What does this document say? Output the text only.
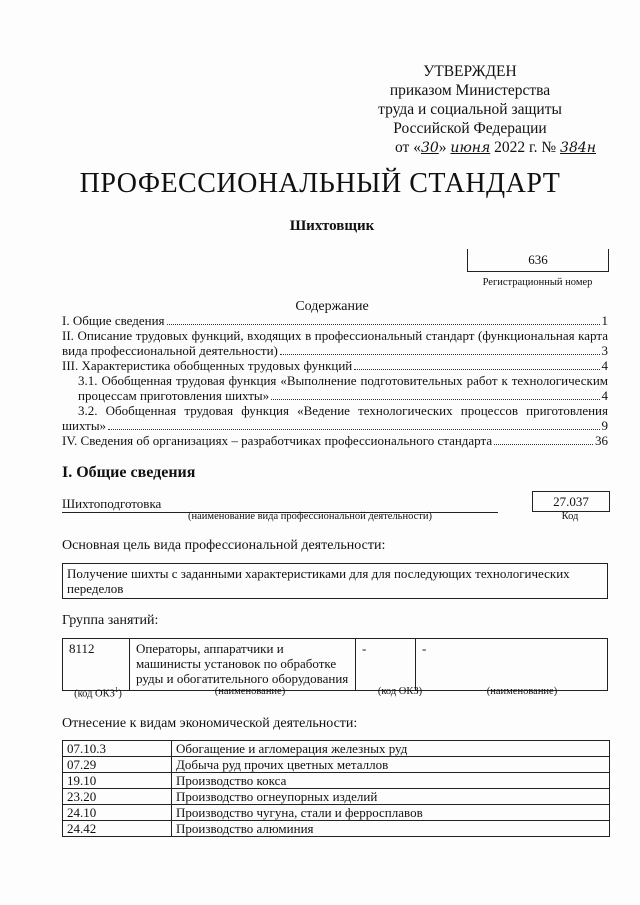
УТВЕРЖДЕН
приказом Министерства
труда и социальной защиты
Российской Федерации
от «30» июня 2022 г. № 384н
ПРОФЕССИОНАЛЬНЫЙ СТАНДАРТ
Шихтовщик
636
Регистрационный номер
Содержание
I. Общие сведения	1
II. Описание трудовых функций, входящих в профессиональный стандарт (функциональная карта
вида профессиональной деятельности)	3
III. Характеристика обобщенных трудовых функций	4
3.1. Обобщенная трудовая функция «Выполнение подготовительных работ к технологическим
процессам приготовления шихты»	4
3.2. Обобщенная трудовая функция «Ведение технологических процессов приготовления
шихты»	9
IV. Сведения об организациях – разработчиках профессионального стандарта	36
I. Общие сведения
Шихтоподготовка
(наименование вида профессиональной деятельности)
27.037
Код
Основная цель вида профессиональной деятельности:
Получение шихты с заданными характеристиками для для последующих технологических переделов
Группа занятий:
8112	Операторы, аппаратчики и машинисты установок по обработке руды и обогатительного оборудования	-	-
(код ОКЗ$^1$)	(наименование)	(код ОКЗ)	(наименование)
Отнесение к видам экономической деятельности:
07.10.3	Обогащение и агломерация железных руд
07.29	Добыча руд прочих цветных металлов
19.10	Производство кокса
23.20	Производство огнеупорных изделий
24.10	Производство чугуна, стали и ферросплавов
24.42	Производство алюминия
